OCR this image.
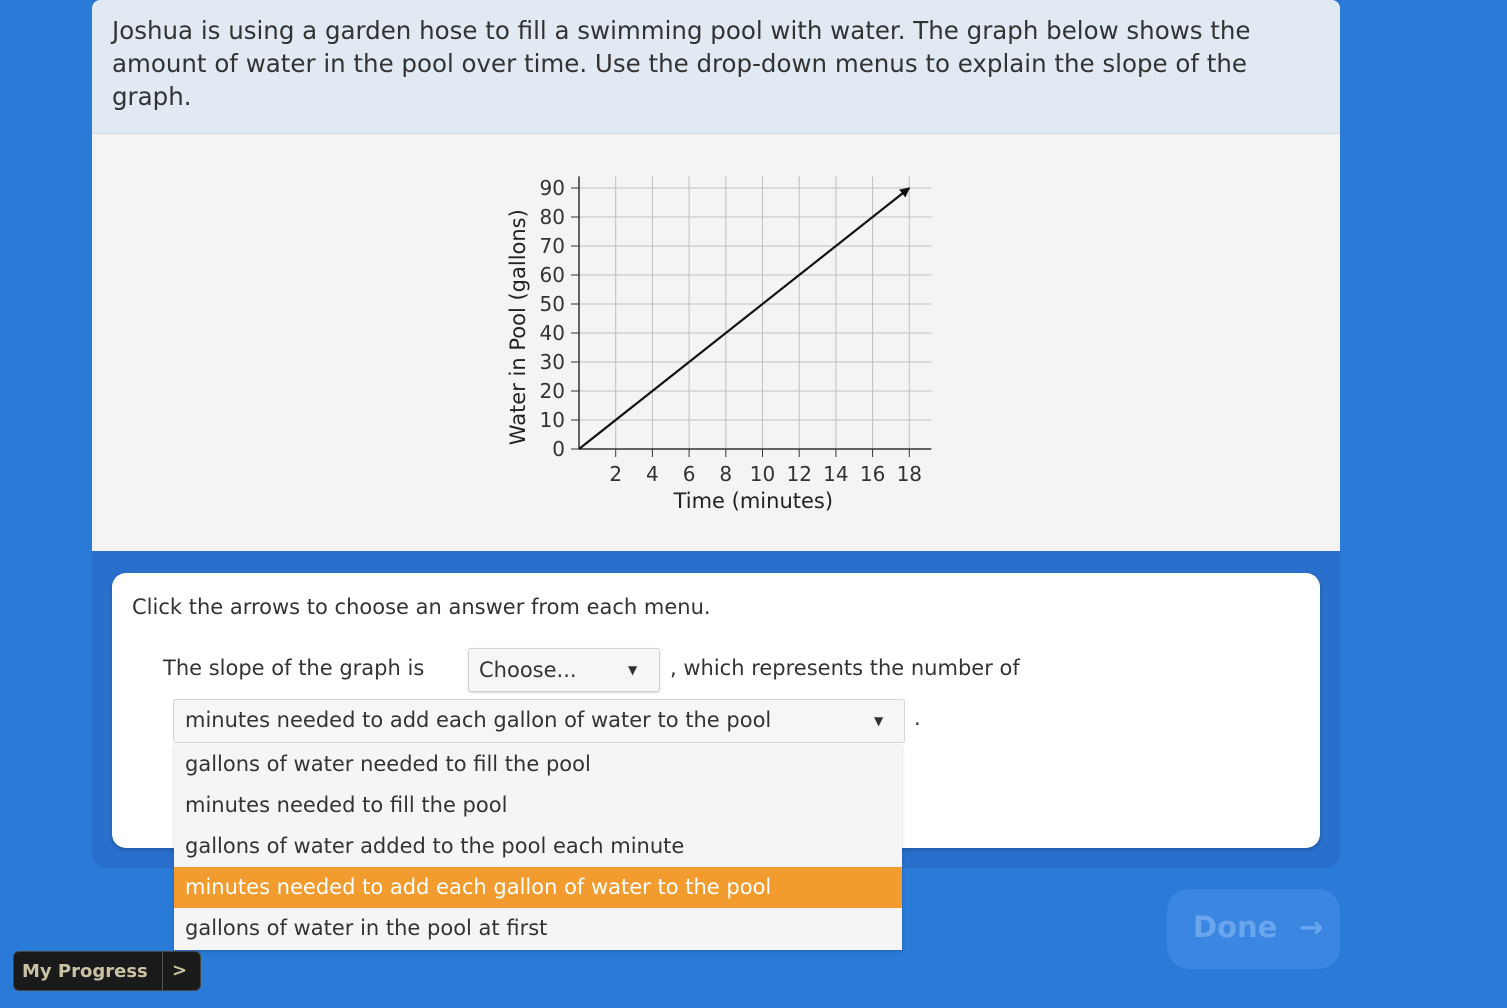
Joshua is using a garden hose to fill a swimming pool with water. The graph below shows the amount of water in the pool over time. Use the drop-down menus to explain the slope of the graph.

2 4 6 8 10 12 14 16 18
0
10
20
30
40
50
60
70
80
90
Time (minutes)
Water in Pool (gallons)
Click the arrows to choose an answer from each menu.
The slope of the graph is	Choose...	▼ , which represents the number of
minutes needed to add each gallon of water to the pool	▼ .
gallons of water needed to fill the pool
minutes needed to fill the pool
gallons of water added to the pool each minute
minutes needed to add each gallon of water to the pool
gallons of water in the pool at first	Done →
My Progress >
